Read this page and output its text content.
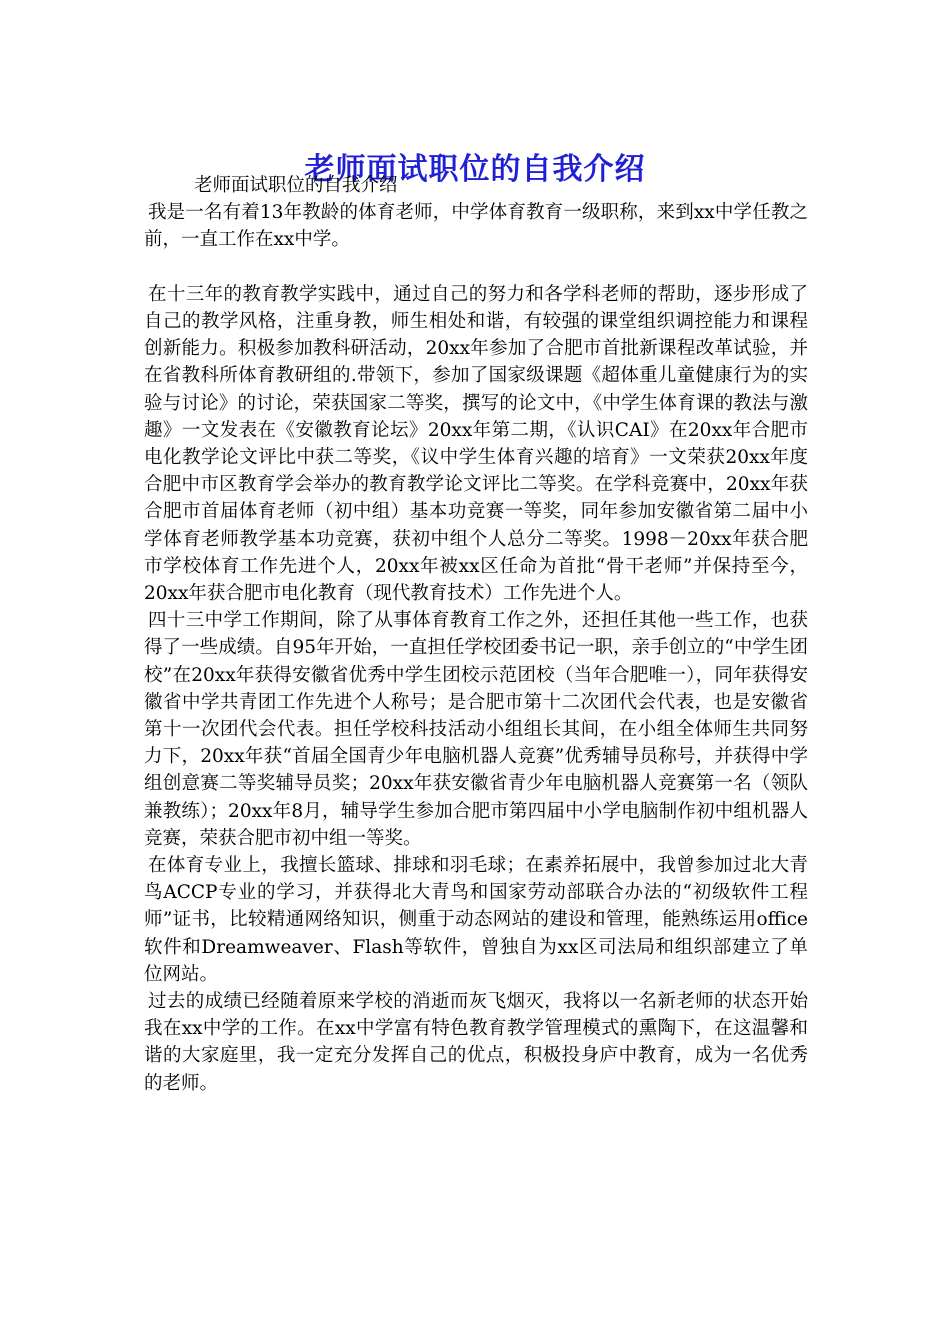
老师面试职位的自我介绍

老师面试职位的自我介绍

我是一名有着13年教龄的体育老师，中学体育教育一级职称，来到xx中学任教之前，一直工作在xx中学。

在十三年的教育教学实践中，通过自己的努力和各学科老师的帮助，逐步形成了自己的教学风格，注重身教，师生相处和谐，有较强的课堂组织调控能力和课程创新能力。积极参加教科研活动，20xx年参加了合肥市首批新课程改革试验，并在省教科所体育教研组的.带领下，参加了国家级课题《超体重儿童健康行为的实验与讨论》的讨论，荣获国家二等奖，撰写的论文中，《中学生体育课的教法与激趣》一文发表在《安徽教育论坛》20xx年第二期，《认识CAI》在20xx年合肥市电化教学论文评比中获二等奖，《议中学生体育兴趣的培育》一文荣获20xx年度合肥中市区教育学会举办的教育教学论文评比二等奖。在学科竞赛中，20xx年获合肥市首届体育老师（初中组）基本功竞赛一等奖，同年参加安徽省第二届中小学体育老师教学基本功竞赛，获初中组个人总分二等奖。1998－20xx年获合肥市学校体育工作先进个人，20xx年被xx区任命为首批“骨干老师”并保持至今，20xx年获合肥市电化教育（现代教育技术）工作先进个人。

四十三中学工作期间，除了从事体育教育工作之外，还担任其他一些工作，也获得了一些成绩。自95年开始，一直担任学校团委书记一职，亲手创立的“中学生团校”在20xx年获得安徽省优秀中学生团校示范团校（当年合肥唯一），同年获得安徽省中学共青团工作先进个人称号；是合肥市第十二次团代会代表，也是安徽省第十一次团代会代表。担任学校科技活动小组组长其间，在小组全体师生共同努力下，20xx年获“首届全国青少年电脑机器人竞赛”优秀辅导员称号，并获得中学组创意赛二等奖辅导员奖；20xx年获安徽省青少年电脑机器人竞赛第一名（领队兼教练）；20xx年8月，辅导学生参加合肥市第四届中小学电脑制作初中组机器人竞赛，荣获合肥市初中组一等奖。

在体育专业上，我擅长篮球、排球和羽毛球；在素养拓展中，我曾参加过北大青鸟ACCP专业的学习，并获得北大青鸟和国家劳动部联合办法的“初级软件工程师”证书，比较精通网络知识，侧重于动态网站的建设和管理，能熟练运用office软件和Dreamweaver、Flash等软件，曾独自为xx区司法局和组织部建立了单位网站。

过去的成绩已经随着原来学校的消逝而灰飞烟灭，我将以一名新老师的状态开始我在xx中学的工作。在xx中学富有特色教育教学管理模式的熏陶下，在这温馨和谐的大家庭里，我一定充分发挥自己的优点，积极投身庐中教育，成为一名优秀的老师。
